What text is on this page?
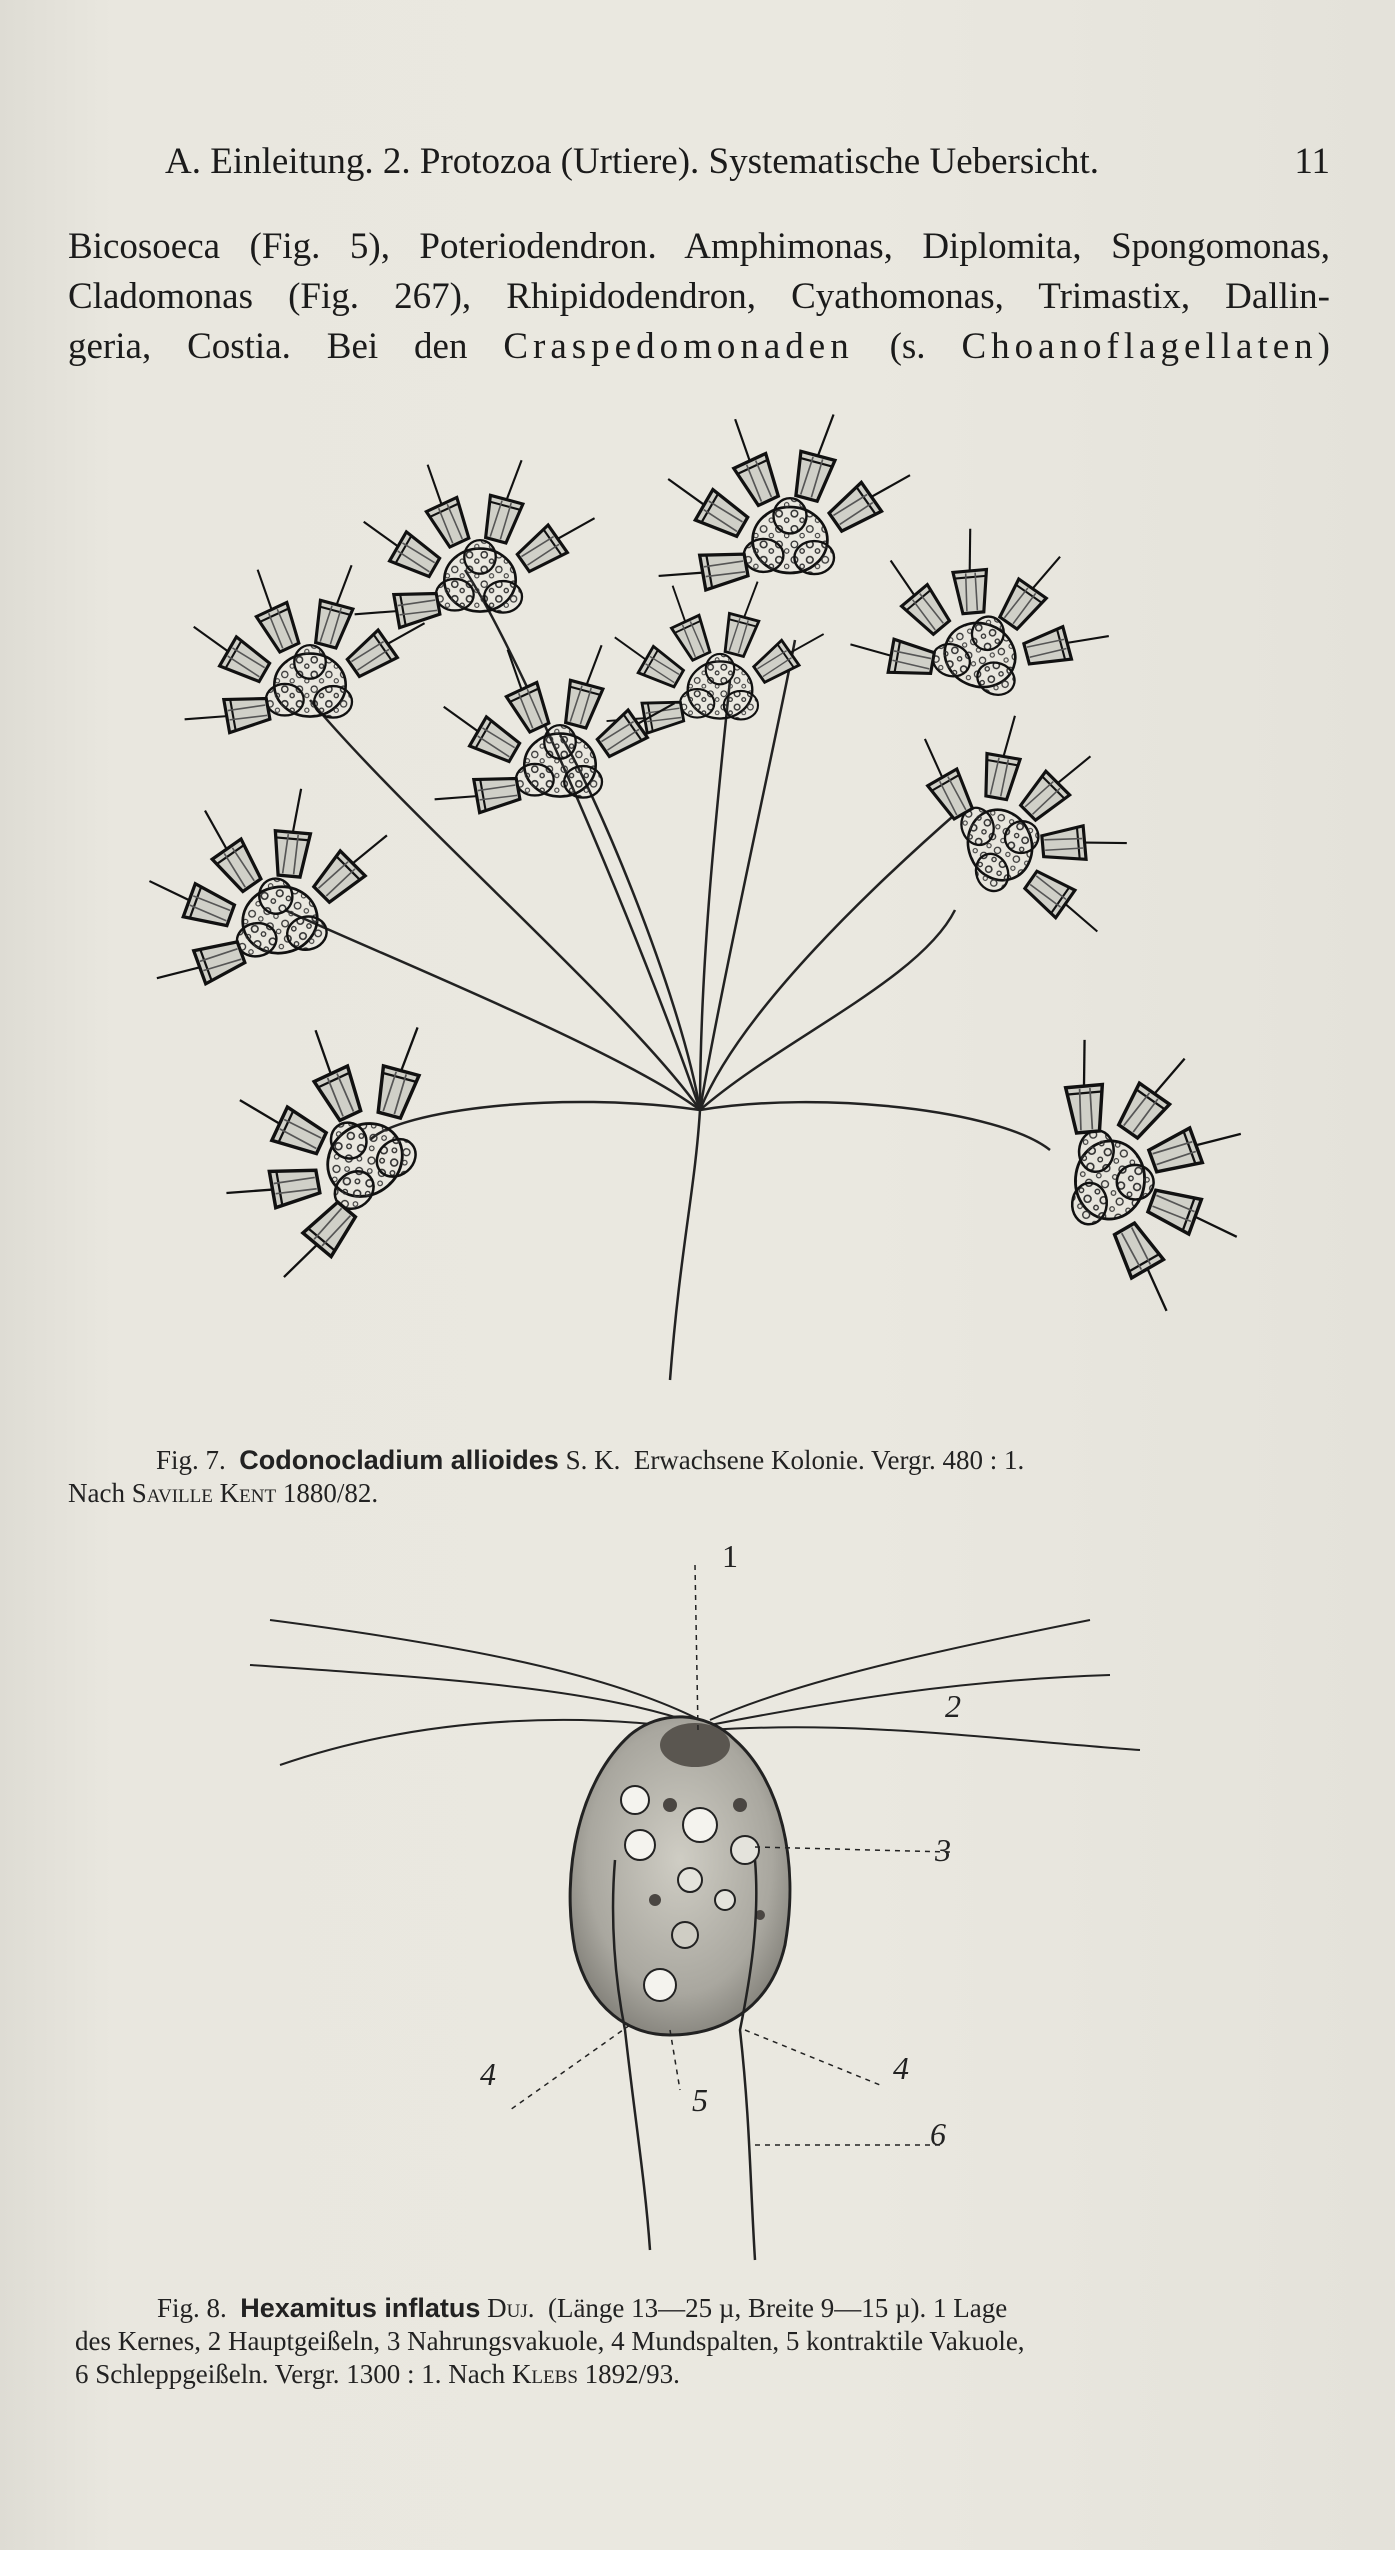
A. Einleitung. 2. Protozoa (Urtiere). Systematische Uebersicht.	11
Bicosoeca (Fig. 5), Poteriodendron. Amphimonas, Diplomita, Spongomonas,
Cladomonas (Fig. 267), Rhipidodendron, Cyathomonas, Trimastix, Dallin-
geria, Costia. Bei den Craspedomonaden (s. Choanoflagellaten)
Fig. 7. Codonocladium allioides S. K. Erwachsene Kolonie. Vergr. 480 : 1.
Nach Saville Kent 1880/82.
1
2
3
4	4
5
6
Fig. 8. Hexamitus inflatus Duj. (Länge 13—25 µ, Breite 9—15 µ). 1 Lage
des Kernes, 2 Hauptgeißeln, 3 Nahrungsvakuole, 4 Mundspalten, 5 kontraktile Vakuole,
6 Schleppgeißeln. Vergr. 1300 : 1. Nach Klebs 1892/93.
